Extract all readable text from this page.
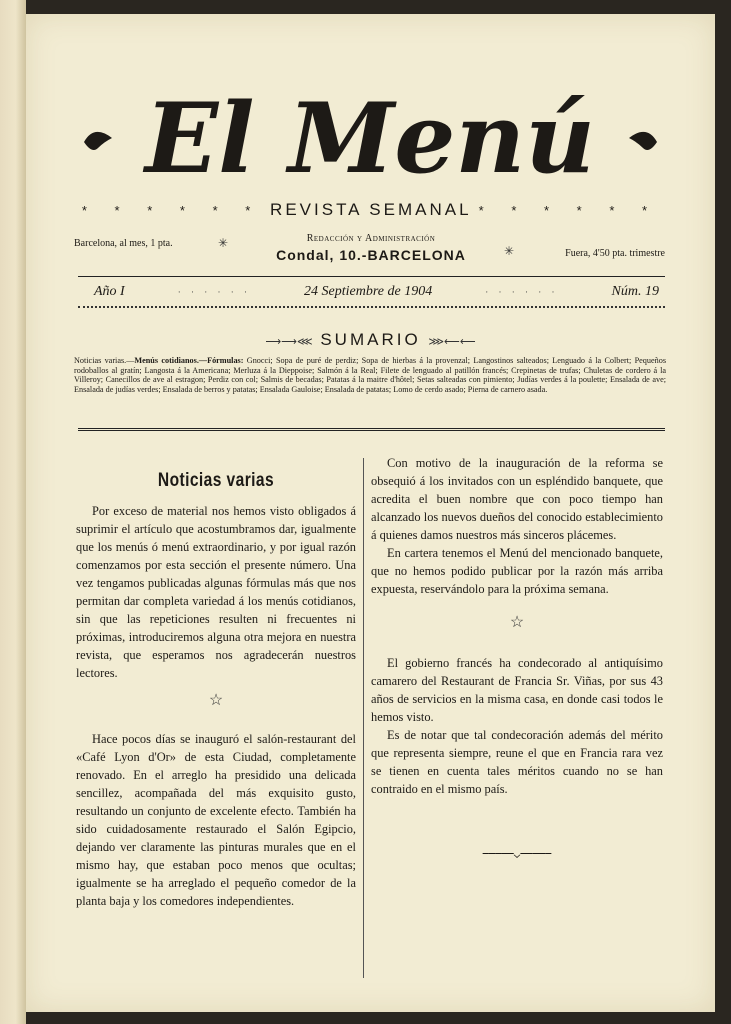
El Menú
* * * * * * REVISTA SEMANAL * * * * * *
Barcelona, al mes, 1 pta.	✳	Redacción y Administración
Condal, 10.-BARCELONA	✳	Fuera, 4'50 pta. trimestre
Año I	· · · · · ·	24 Septiembre de 1904	· · · · · ·	Núm. 19
⟶⟶⋘ SUMARIO ⋙⟵⟵
Noticias varias.—Menús cotidianos.—Fórmulas: Gnocci; Sopa de puré de perdiz; Sopa de hierbas á la provenzal; Langostinos salteados; Lenguado á la Colbert; Pequeños rodoballos al gratín; Langosta á la Americana; Merluza á la Dieppoise; Salmón á la Real; Filete de lenguado al patillón francés; Crepinetas de trufas; Chuletas de cordero á la Villeroy; Canecillos de ave al estragon; Perdiz con col; Salmis de becadas; Patatas á la maitre d'hôtel; Setas salteadas con pimiento; Judías verdes á la poulette; Ensalada de ave; Ensalada de judías verdes; Ensalada de berros y patatas; Ensalada Gauloise; Ensalada de patatas; Lomo de cerdo asado; Pierna de carnero asada.
Noticias varias

Por exceso de material nos hemos visto obligados á suprimir el artículo que acostumbramos dar, igualmente que los menús ó menú extraordinario, y por igual razón comenzamos por esta sección el presente número. Una vez tengamos publicadas algunas fórmulas más que nos permitan dar completa variedad á los menús cotidianos, sin que las repeticiones resulten ni frecuentes ni próximas, introduciremos alguna otra mejora en nuestra revista, que esperamos nos agradecerán nuestros lectores.

☆

Hace pocos días se inauguró el salón-restaurant del «Café Lyon d'Or» de esta Ciudad, completamente renovado. En el arreglo ha presidido una delicada sencillez, acompañada del más exquisito gusto, resultando un conjunto de excelente efecto. También ha sido cuidadosamente restaurado el Salón Egipcio, dejando ver claramente las pinturas murales que en el mismo hay, que estaban poco menos que ocultas; igualmente se ha arreglado el pequeño comedor de la planta baja y los comedores independientes.

Con motivo de la inauguración de la reforma se obsequió á los invitados con un espléndido banquete, que acredita el buen nombre que con poco tiempo han alcanzado los nuevos dueños del conocido establecimiento á quienes damos nuestros más sinceros plácemes.

En cartera tenemos el Menú del mencionado banquete, que no hemos podido publicar por la razón más arriba expuesta, reservándolo para la próxima semana.

☆

El gobierno francés ha condecorado al antiquísimo camarero del Restaurant de Francia Sr. Viñas, por sus 43 años de servicios en la misma casa, en donde casi todos le hemos visto.

Es de notar que tal condecoración además del mérito que representa siempre, reune el que en Francia rara vez se tienen en cuenta tales méritos cuando no se han contraido en el mismo país.

⎯⎯⎯⎯⎯⌄⎯⎯⎯⎯⎯
